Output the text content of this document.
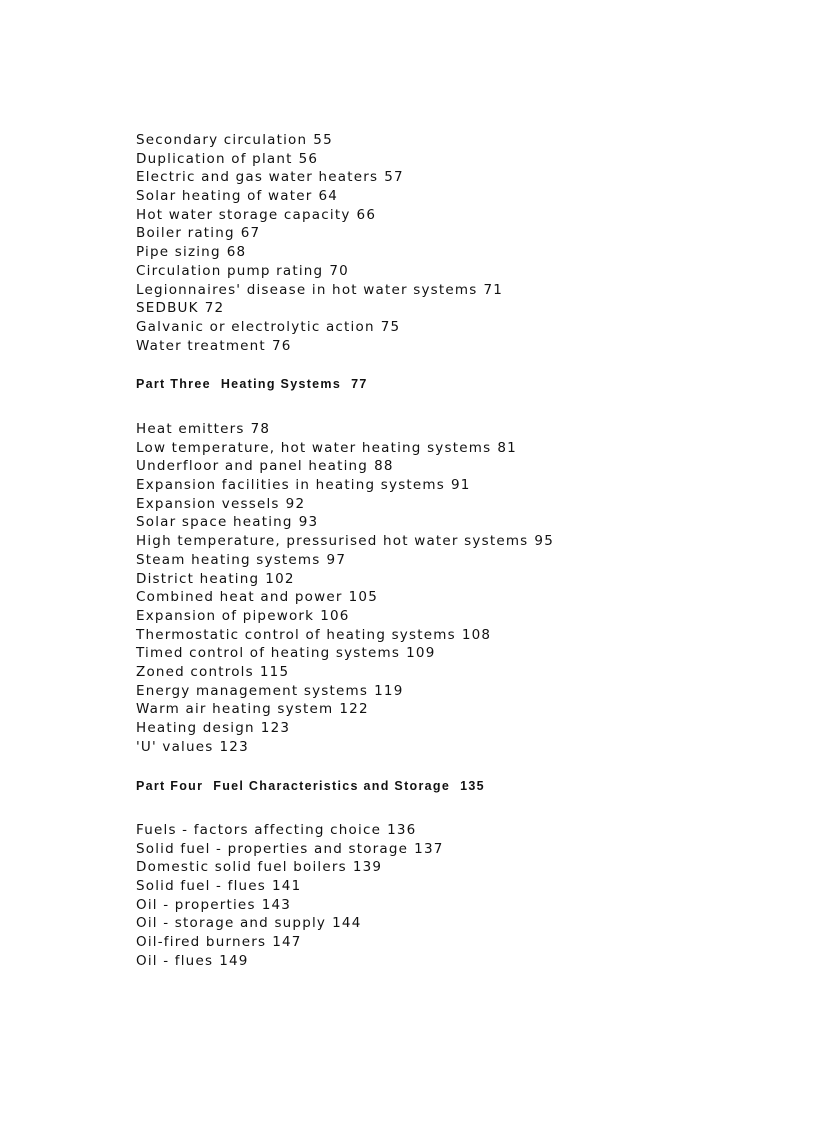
Secondary circulation 55
Duplication of plant 56
Electric and gas water heaters 57
Solar heating of water 64
Hot water storage capacity 66
Boiler rating 67
Pipe sizing 68
Circulation pump rating 70
Legionnaires' disease in hot water systems 71
SEDBUK 72
Galvanic or electrolytic action 75
Water treatment 76
Part Three Heating Systems 77
Heat emitters 78
Low temperature, hot water heating systems 81
Underfloor and panel heating 88
Expansion facilities in heating systems 91
Expansion vessels 92
Solar space heating 93
High temperature, pressurised hot water systems 95
Steam heating systems 97
District heating 102
Combined heat and power 105
Expansion of pipework 106
Thermostatic control of heating systems 108
Timed control of heating systems 109
Zoned controls 115
Energy management systems 119
Warm air heating system 122
Heating design 123
'U' values 123
Part Four Fuel Characteristics and Storage 135
Fuels - factors affecting choice 136
Solid fuel - properties and storage 137
Domestic solid fuel boilers 139
Solid fuel - flues 141
Oil - properties 143
Oil - storage and supply 144
Oil-fired burners 147
Oil - flues 149
